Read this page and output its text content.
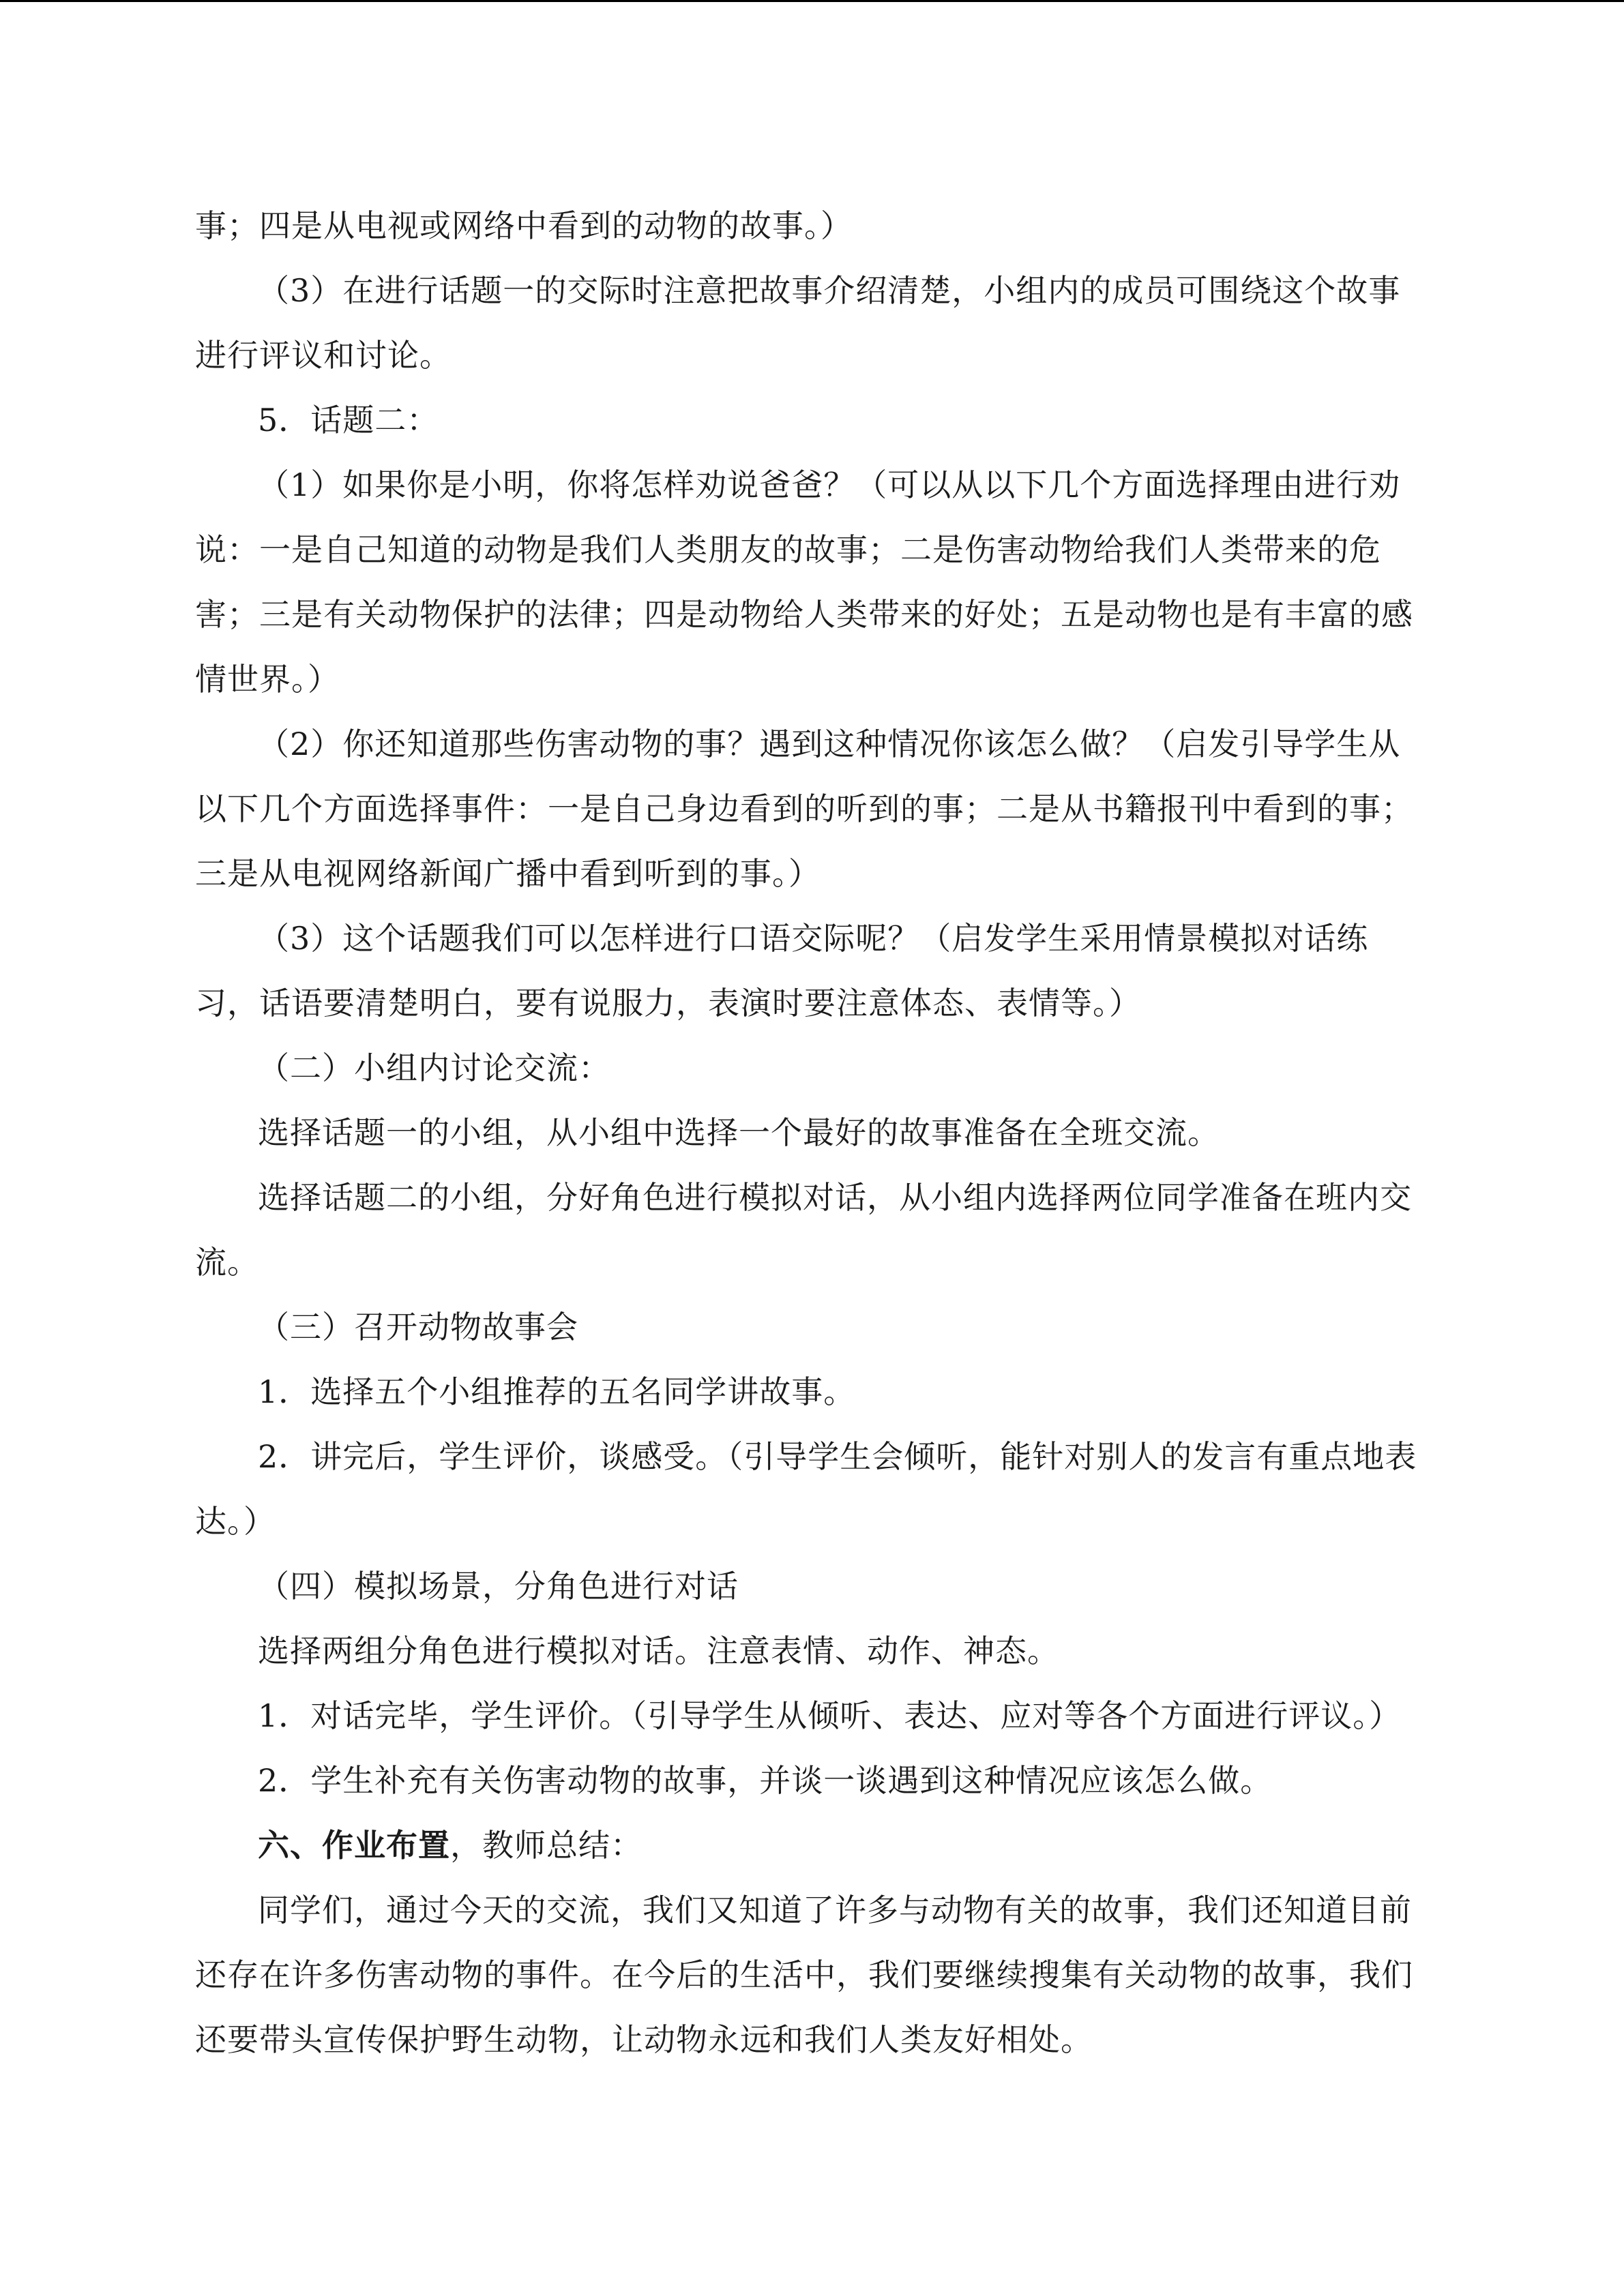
事；四是从电视或网络中看到的动物的故事。）

（3）在进行话题一的交际时注意把故事介绍清楚，小组内的成员可围绕这个故事进行评议和讨论。

5．话题二：

（1）如果你是小明，你将怎样劝说爸爸？（可以从以下几个方面选择理由进行劝说：一是自己知道的动物是我们人类朋友的故事；二是伤害动物给我们人类带来的危害；三是有关动物保护的法律；四是动物给人类带来的好处；五是动物也是有丰富的感情世界。）

（2）你还知道那些伤害动物的事？遇到这种情况你该怎么做？（启发引导学生从以下几个方面选择事件：一是自己身边看到的听到的事；二是从书籍报刊中看到的事；三是从电视网络新闻广播中看到听到的事。）

（3）这个话题我们可以怎样进行口语交际呢？（启发学生采用情景模拟对话练习，话语要清楚明白，要有说服力，表演时要注意体态、表情等。）

（二）小组内讨论交流：

选择话题一的小组，从小组中选择一个最好的故事准备在全班交流。

选择话题二的小组，分好角色进行模拟对话，从小组内选择两位同学准备在班内交流。

（三）召开动物故事会

1．选择五个小组推荐的五名同学讲故事。

2．讲完后，学生评价，谈感受。（引导学生会倾听，能针对别人的发言有重点地表达。）

（四）模拟场景，分角色进行对话

选择两组分角色进行模拟对话。注意表情、动作、神态。

1．对话完毕，学生评价。（引导学生从倾听、表达、应对等各个方面进行评议。）

2．学生补充有关伤害动物的故事，并谈一谈遇到这种情况应该怎么做。

六、作业布置，教师总结：

同学们，通过今天的交流，我们又知道了许多与动物有关的故事，我们还知道目前还存在许多伤害动物的事件。在今后的生活中，我们要继续搜集有关动物的故事，我们还要带头宣传保护野生动物，让动物永远和我们人类友好相处。
